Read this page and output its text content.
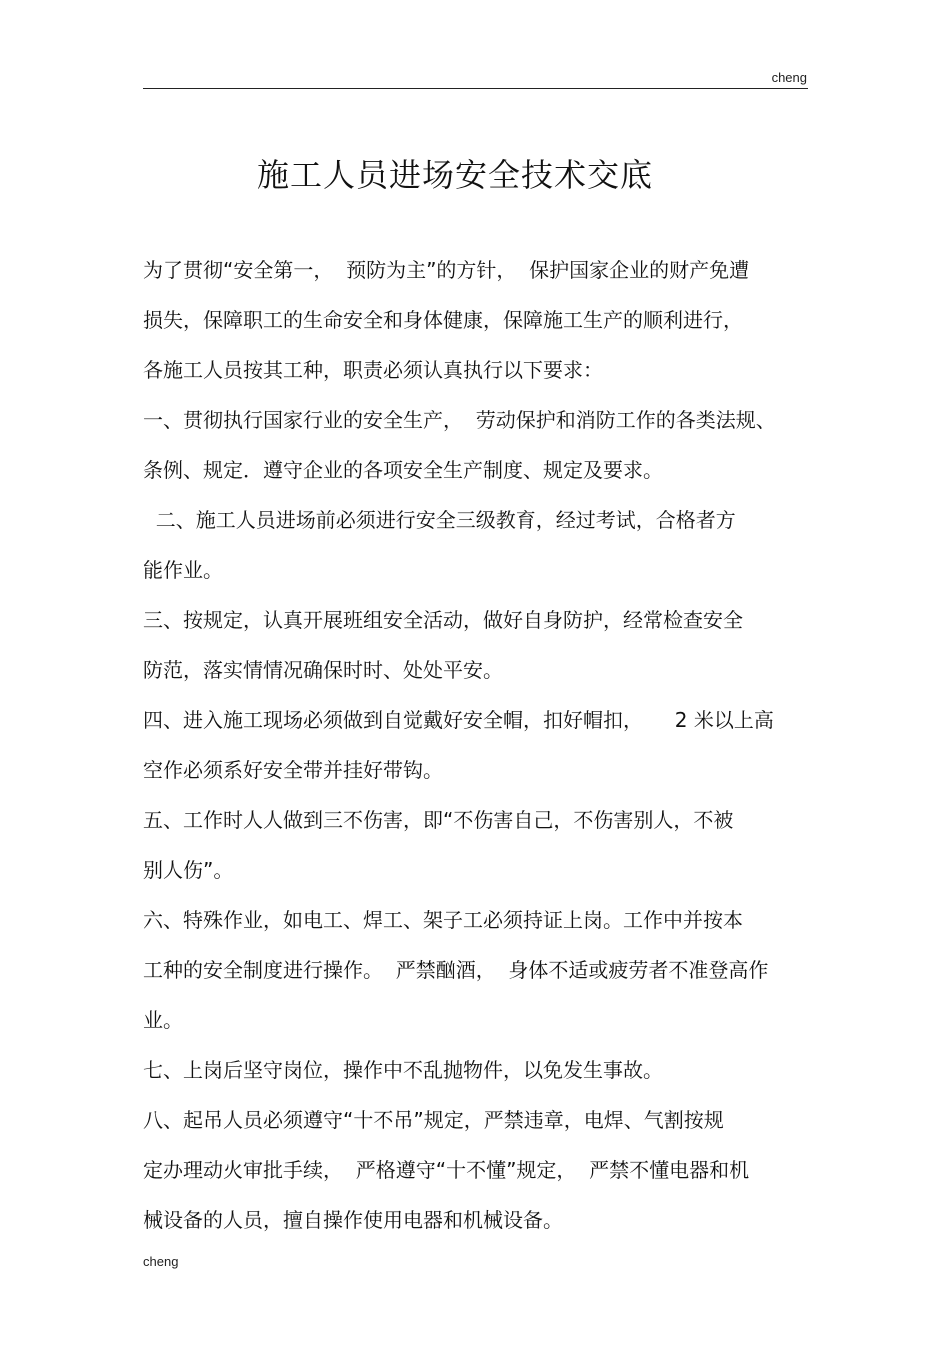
cheng
施工人员进场安全技术交底
为了贯彻“安全第一，  预防为主”的方针，  保护国家企业的财产免遭
损失，保障职工的生命安全和身体健康，保障施工生产的顺利进行，
各施工人员按其工种，职责必须认真执行以下要求：
一、贯彻执行国家行业的安全生产，  劳动保护和消防工作的各类法规、
条例、规定．遵守企业的各项安全生产制度、规定及要求。
二、施工人员进场前必须进行安全三级教育，经过考试，合格者方
能作业。
三、按规定，认真开展班组安全活动，做好自身防护，经常检查安全
防范，落实情情况确保时时、处处平安。
四、进入施工现场必须做到自觉戴好安全帽，扣好帽扣，     2 米以上高
空作必须系好安全带并挂好带钩。
五、工作时人人做到三不伤害，即“不伤害自己，不伤害别人，不被
别人伤”。
六、特殊作业，如电工、焊工、架子工必须持证上岗。工作中并按本
工种的安全制度进行操作。  严禁酗酒，  身体不适或疲劳者不准登高作
业。
七、上岗后坚守岗位，操作中不乱抛物件，以免发生事故。
八、起吊人员必须遵守“十不吊”规定，严禁违章，电焊、气割按规
定办理动火审批手续，  严格遵守“十不懂”规定，  严禁不懂电器和机
械设备的人员，擅自操作使用电器和机械设备。
cheng
